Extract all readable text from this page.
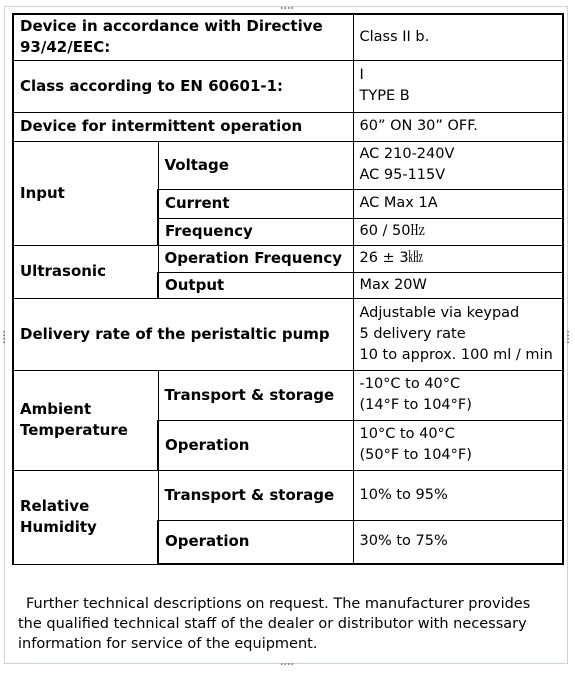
Device in accordance with Directive 93/42/EEC:		Class II b.
Class according to EN 60601-1:		I
TYPE B

Device for intermittent operation		60” ON 30” OFF.
Input	Voltage	AC 210-240V
AC 95-115V

	Current	AC Max 1A
	Frequency	60 / 50㎐
Ultrasonic	Operation Frequency	26 ± 3㎑
	Output	Max 20W
Delivery rate of the peristaltic pump		Adjustable via keypad
5 delivery rate
10 to approx. 100 ml / min

Ambient
Temperature	Transport & storage	-10°C to 40°C
(14°F to 104°F)

	Operation	10°C to 40°C
(50°F to 104°F)

Relative
Humidity	Transport & storage	10% to 95%
	Operation	30% to 75%
Further technical descriptions on request. The manufacturer provides the qualified technical staff of the dealer or distributor with necessary information for service of the equipment.
